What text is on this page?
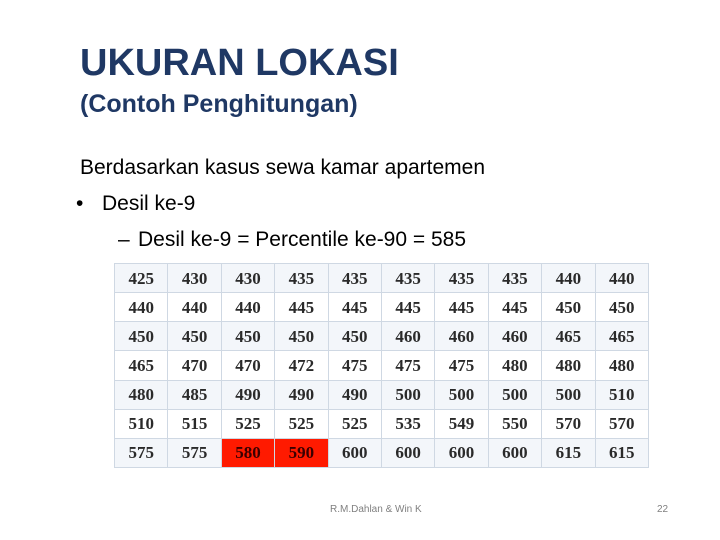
UKURAN LOKASI
(Contoh Penghitungan)
Berdasarkan kasus sewa kamar apartemen
• Desil ke-9
– Desil ke-9 = Percentile ke-90 = 585
425	430	430	435	435	435	435	435	440	440
440	440	440	445	445	445	445	445	450	450
450	450	450	450	450	460	460	460	465	465
465	470	470	472	475	475	475	480	480	480
480	485	490	490	490	500	500	500	500	510
510	515	525	525	525	535	549	550	570	570
575	575	580	590	600	600	600	600	615	615
R.M.Dahlan & Win K	22
